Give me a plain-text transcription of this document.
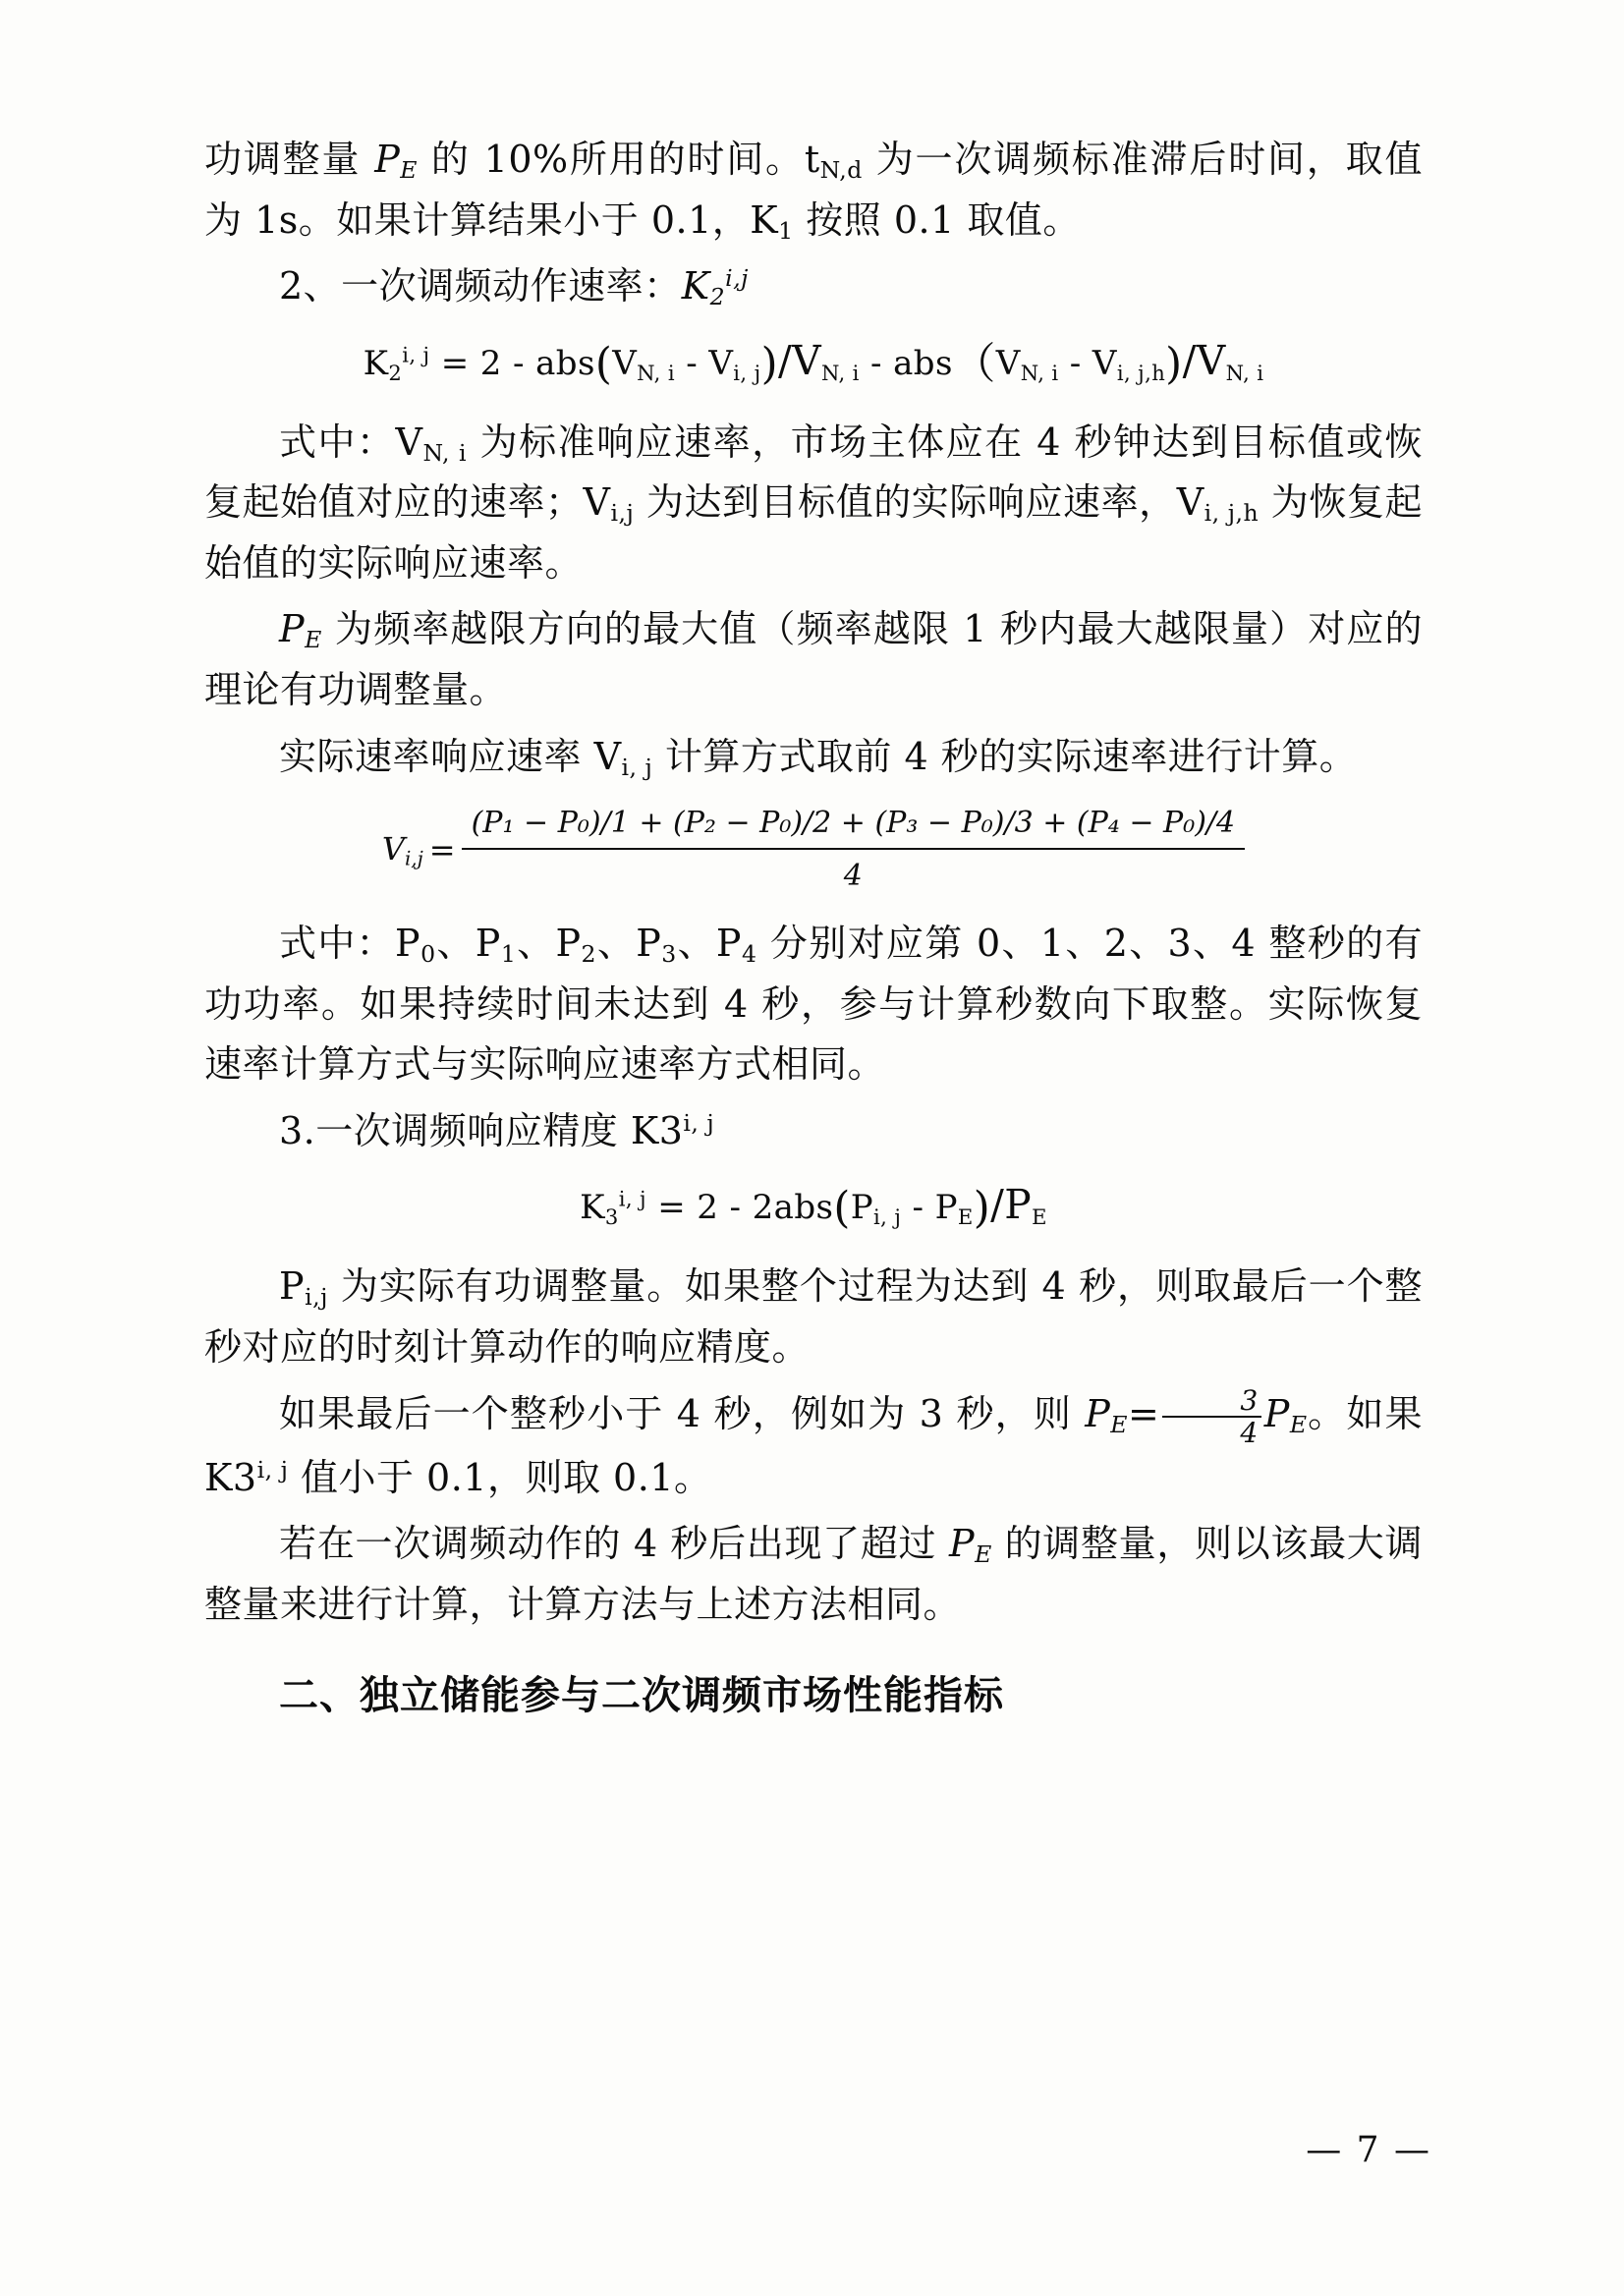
功调整量 $P_E$ 的 10%所用的时间。$t_{N,d}$ 为一次调频标准滞后时间，取值为 1s。如果计算结果小于 0.1，$K_1$ 按照 0.1 取值。

2、一次调频动作速率：$K_2^{i,j}$

$K_2^{i, j} = 2 - abs(V_{N, i} - V_{i, j})/V_{N, i} - abs(V_{N, i} - V_{i, j,h})/V_{N, i}$

式中：$V_{N, i}$ 为标准响应速率，市场主体应在 4 秒钟达到目标值或恢复起始值对应的速率；$V_{i,j}$ 为达到目标值的实际响应速率，$V_{i, j,h}$ 为恢复起始值的实际响应速率。

$P_E$ 为频率越限方向的最大值（频率越限 1 秒内最大越限量）对应的理论有功调整量。

实际速率响应速率 $V_{i, j}$ 计算方式取前 4 秒的实际速率进行计算。

$V_{i,j} = \frac{\text{(P₁ − P₀)/1 + (P₂ − P₀)/2 + (P₃ − P₀)/3 + (P₄ − P₀)/4}}{4}$

式中：$P_0$、$P_1$、$P_2$、$P_3$、$P_4$ 分别对应第 0、1、2、3、4 整秒的有功功率。如果持续时间未达到 4 秒，参与计算秒数向下取整。实际恢复速率计算方式与实际响应速率方式相同。

3.一次调频响应精度 K3$^{i, j}$

$K_3^{i, j} = 2 - 2abs(P_{i, j} - P_E)/P_E$

$P_{i,j}$ 为实际有功调整量。如果整个过程为达到 4 秒，则取最后一个整秒对应的时刻计算动作的响应精度。

如果最后一个整秒小于 4 秒，例如为 3 秒，则 $P_E= \frac{3}{4} P_E$。如果 K3$^{i, j}$ 值小于 0.1，则取 0.1。

若在一次调频动作的 4 秒后出现了超过 $P_E$ 的调整量，则以该最大调整量来进行计算，计算方法与上述方法相同。

二、独立储能参与二次调频市场性能指标

— 7 —
